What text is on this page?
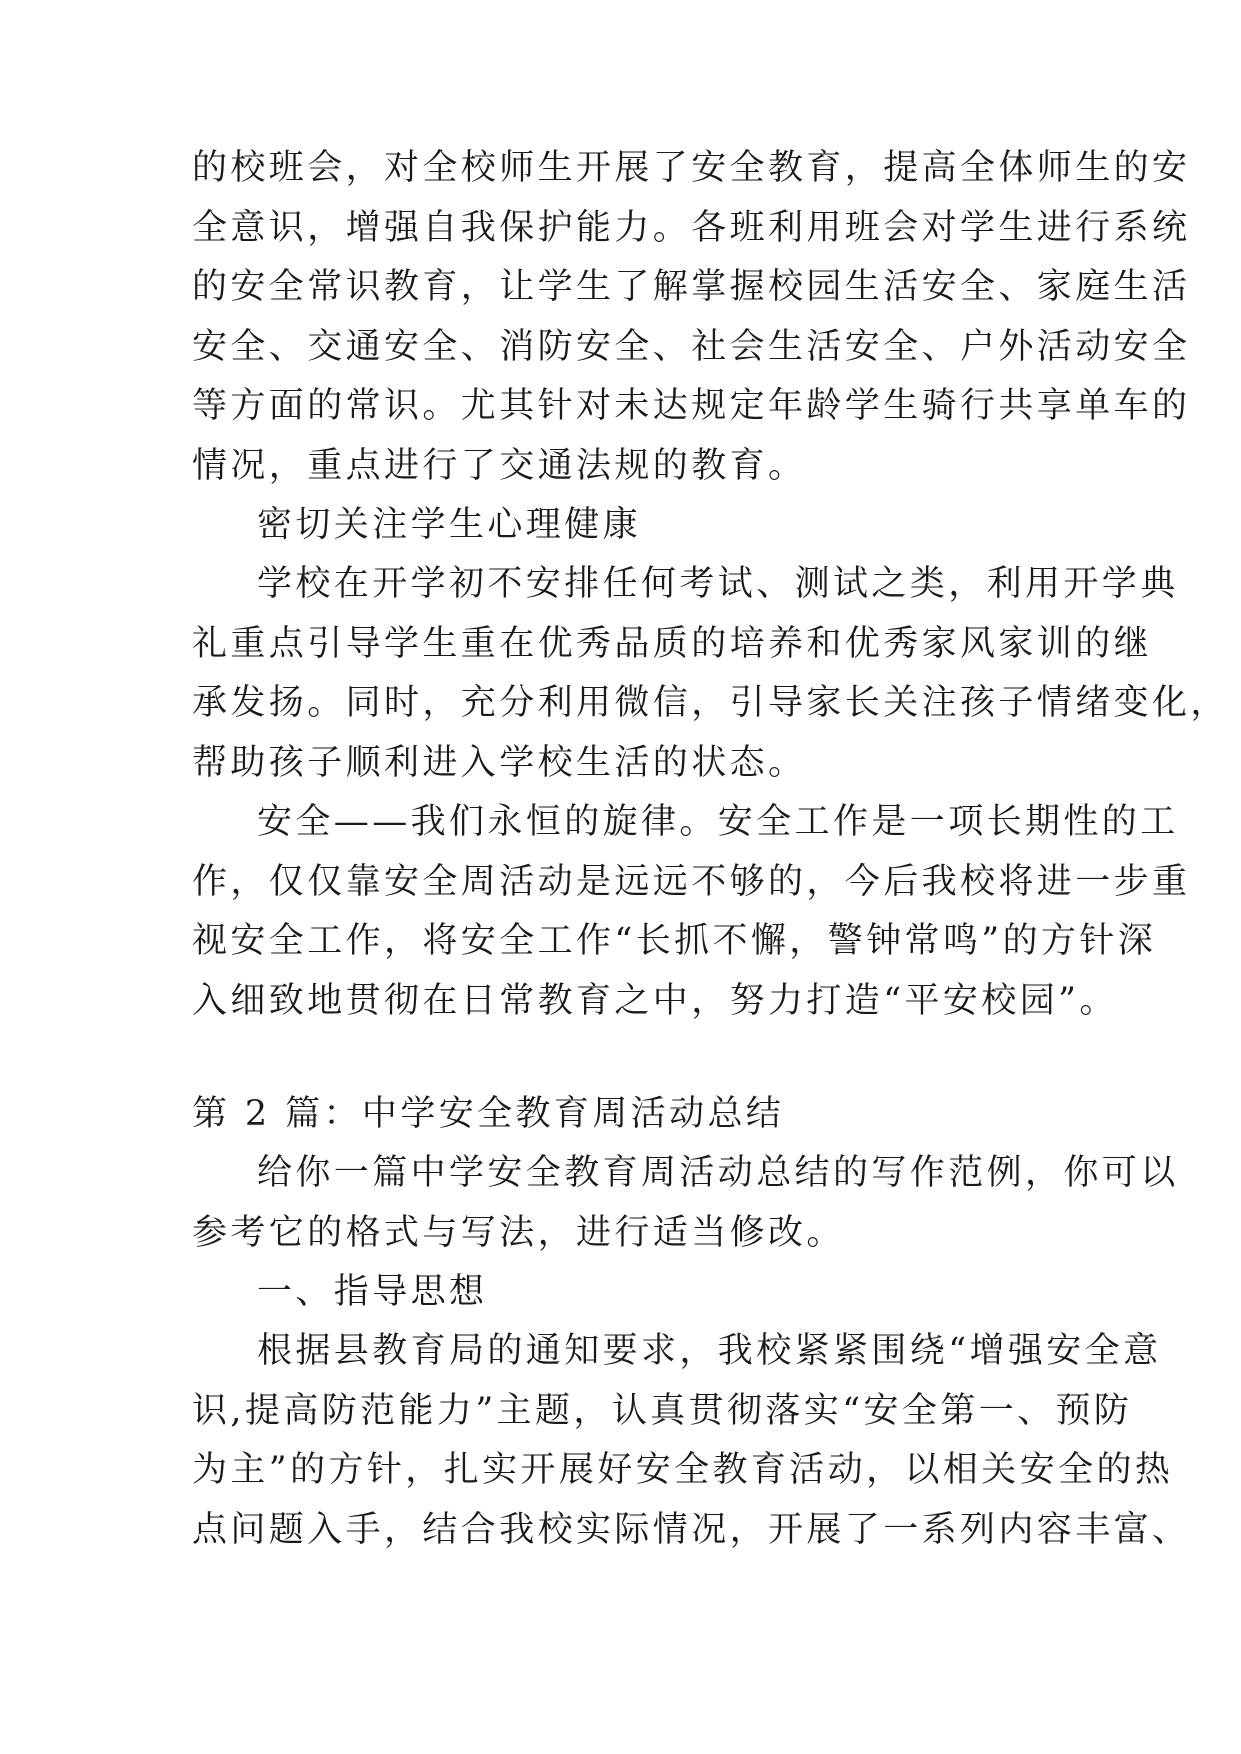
的校班会，对全校师生开展了安全教育，提高全体师生的安
全意识，增强自我保护能力。各班利用班会对学生进行系统
的安全常识教育，让学生了解掌握校园生活安全、家庭生活
安全、交通安全、消防安全、社会生活安全、户外活动安全
等方面的常识。尤其针对未达规定年龄学生骑行共享单车的
情况，重点进行了交通法规的教育。
密切关注学生心理健康
学校在开学初不安排任何考试、测试之类，利用开学典
礼重点引导学生重在优秀品质的培养和优秀家风家训的继
承发扬。同时，充分利用微信，引导家长关注孩子情绪变化，
帮助孩子顺利进入学校生活的状态。
安全——我们永恒的旋律。安全工作是一项长期性的工
作，仅仅靠安全周活动是远远不够的，今后我校将进一步重
视安全工作，将安全工作“长抓不懈，警钟常鸣”的方针深
入细致地贯彻在日常教育之中，努力打造“平安校园”。
第 2 篇：中学安全教育周活动总结
给你一篇中学安全教育周活动总结的写作范例，你可以
参考它的格式与写法，进行适当修改。
一、指导思想
根据县教育局的通知要求，我校紧紧围绕“增强安全意
识,提高防范能力”主题，认真贯彻落实“安全第一、预防
为主”的方针，扎实开展好安全教育活动，以相关安全的热
点问题入手，结合我校实际情况，开展了一系列内容丰富、
